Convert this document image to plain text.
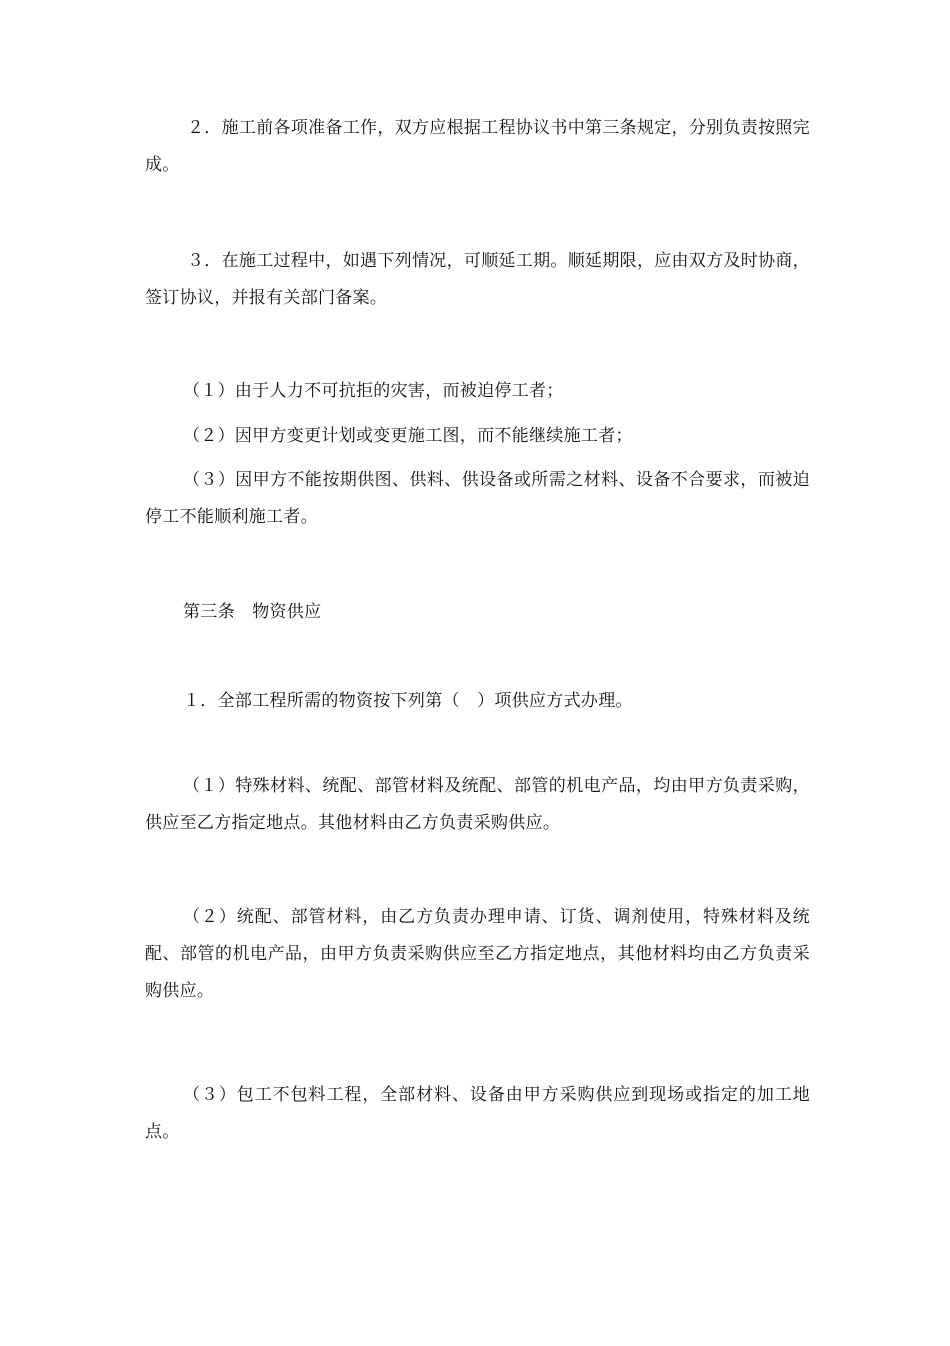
２．施工前各项准备工作，双方应根据工程协议书中第三条规定，分别负责按照完成。

３．在施工过程中，如遇下列情况，可顺延工期。顺延期限，应由双方及时协商，签订协议，并报有关部门备案。

（１）由于人力不可抗拒的灾害，而被迫停工者；

（２）因甲方变更计划或变更施工图，而不能继续施工者；

（３）因甲方不能按期供图、供料、供设备或所需之材料、设备不合要求，而被迫停工不能顺利施工者。

第三条　物资供应

１．全部工程所需的物资按下列第（　）项供应方式办理。

（１）特殊材料、统配、部管材料及统配、部管的机电产品，均由甲方负责采购，供应至乙方指定地点。其他材料由乙方负责采购供应。

（２）统配、部管材料，由乙方负责办理申请、订货、调剂使用，特殊材料及统配、部管的机电产品，由甲方负责采购供应至乙方指定地点，其他材料均由乙方负责采购供应。

（３）包工不包料工程，全部材料、设备由甲方采购供应到现场或指定的加工地点。
